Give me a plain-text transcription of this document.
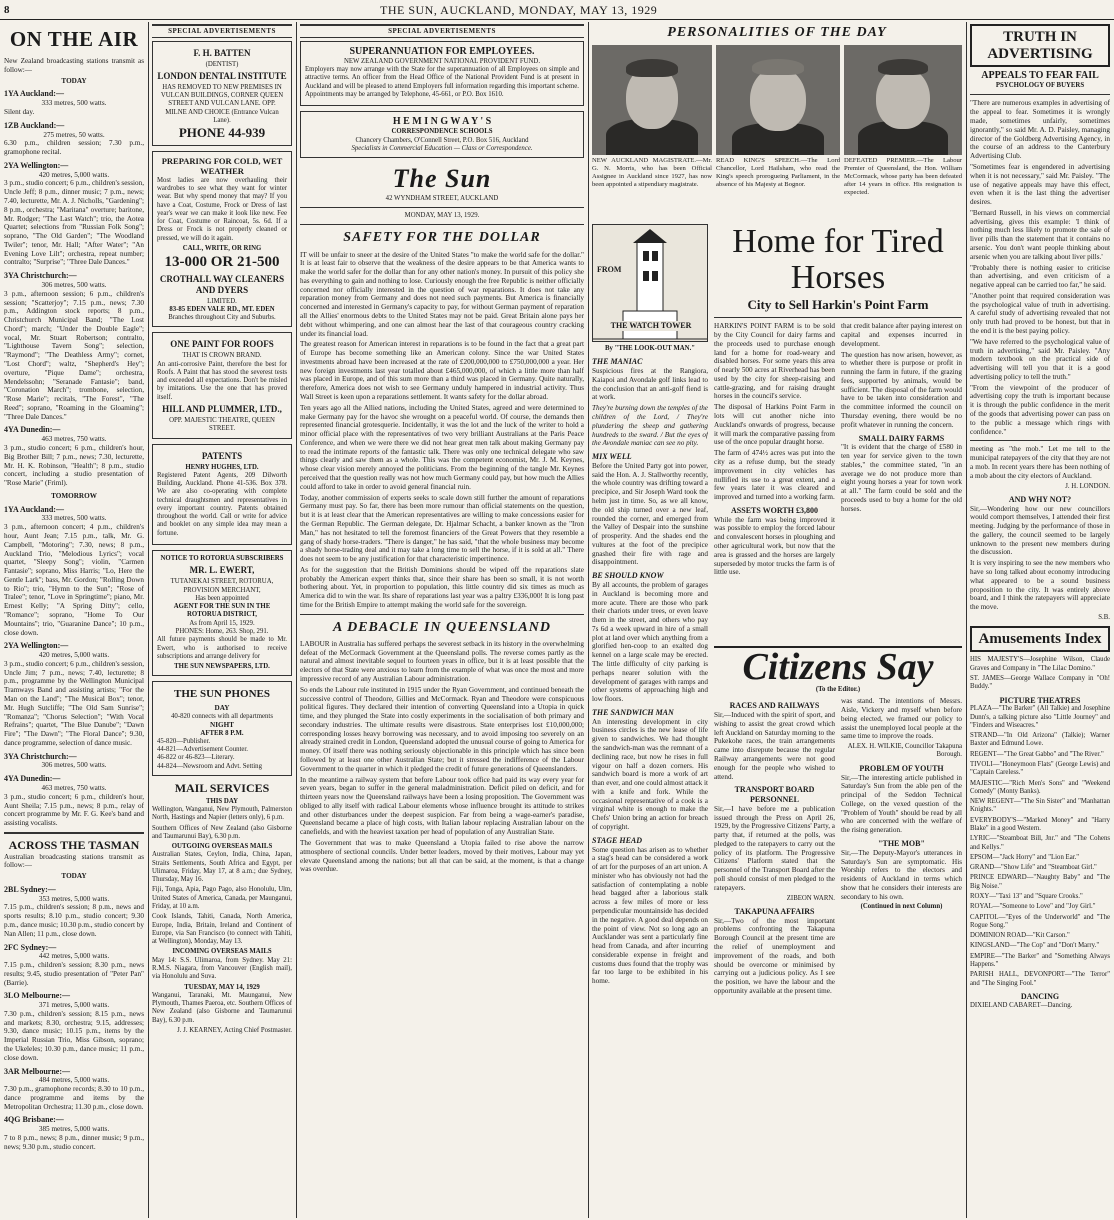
8	THE SUN, AUCKLAND, MONDAY, MAY 13, 1929
ON THE AIR
New Zealand broadcasting stations transmit as follow:—
TODAY
1YA Auckland:—
333 metres, 500 watts.
Silent day.
1ZB Auckland:—
275 metres, 50 watts.
6.30 p.m., children session; 7.30 p.m., gramophone recital.
2YA Wellington:—
420 metres, 5,000 watts.
3 p.m., studio concert; 6 p.m., children's session, Uncle Jeff; 8 p.m., dinner music; 7 p.m., news; 7.40, lecturette, Mr. A. J. Nicholls, "Gardening"; 8 p.m., orchestra; "Maritana" overture; baritone, Mr. Rodger; "The Last Watch"; trio, the Aotea Quartet; selections from "Russian Folk Song"; soprano, "The Old Garden"; "The Woodland Twiler"; tenor, Mr. Hall; "After Water"; "An Evening Love Lilt"; orchestra, repeat number; contralto; "Surprise"; "Three Dale Dances."
3YA Christchurch:—
306 metres, 500 watts.
3 p.m., afternoon session; 6 p.m., children's session; "Scatterjoy"; 7.15 p.m., news; 7.30 p.m., Addington stock reports; 8 p.m., Christchurch Municipal Band; "The Lost Chord"; march; "Under the Double Eagle"; vocal, Mr. Stuart Robertson; contralto, "Lighthouse Tavern Song"; selection, "Raymond"; "The Deathless Army"; cornet, "Lost Chord"; waltz, "Shepherd's Hey"; overture, "Pique Dame"; orchestra, Mendelssohn; "Seranade Fantasie"; band, "Coronation March"; trombone, selection, "Rose Marie"; recitals, "The Forest", "The Reed"; soprano, "Roaming in the Gloaming"; "Three Dale Dances."
4YA Dunedin:—
463 metres, 750 watts.
3 p.m., studio concert; 6 p.m., children's hour, Big Brother Bill; 7 p.m., news; 7.30, lecturette, Mr. H. K. Robinson, "Health"; 8 p.m., studio concert, including a studio presentation of "Rose Marie" (Friml).
TOMORROW
1YA Auckland:—
333 metres, 500 watts.
3 p.m., afternoon concert; 4 p.m., children's hour, Aunt Jean; 7.15 p.m., talk, Mr. G. Campbell, "Motoring"; 7.30, news; 8 p.m., Auckland Trio, "Melodious Lyrics"; vocal quartet, "Sleepy Song"; violin, "Carmen Fantasie"; soprano, Miss Harris; "Lo, Here the Gentle Lark"; bass, Mr. Gordon; "Rolling Down to Rio"; trio, "Hymn to the Sun"; "Rose of Tralee"; tenor, "Love in Springtime"; piano, Mr. Ernest Kelly; "A Spring Ditty"; cello, "Romance"; soprano, "Home To Our Mountains"; trio, "Guaranine Dance"; 10 p.m., close down.
2YA Wellington:—
420 metres, 5,000 watts.
3 p.m., studio concert; 6 p.m., children's session, Uncle Jim; 7 p.m., news; 7.40, lecturette; 8 p.m., programme by the Wellington Municipal Tramways Band and assisting artists; "For the Man on the Land"; "The Musical Box"; tenor, Mr. Hugh Sutcliffe; "The Old Sam Sunrise"; "Romanza"; "Chorus Selection"; "With Vocal Refrains"; quartet, "The Blue Danube"; "Dawn Fire"; "The Dawn"; "The Floral Dance"; 9.30, dance programme, selection of dance music.
3YA Christchurch:—
306 metres, 500 watts.
4YA Dunedin:—
463 metres, 750 watts.
3 p.m., studio concert; 6 p.m., children's hour, Aunt Sheila; 7.15 p.m., news; 8 p.m., relay of concert programme by Mr. F. G. Kee's band and assisting vocalists.
ACROSS THE TASMAN
Australian broadcasting stations transmit as follow:—
TODAY
2BL Sydney:—
353 metres, 5,000 watts.
7.15 p.m., children's session; 8 p.m., news and sports results; 8.10 p.m., studio concert; 9.30 p.m., dance music; 10.30 p.m., studio concert by Nan Allen; 11 p.m., close down.
2FC Sydney:—
442 metres, 5,000 watts.
7.15 p.m., children's session; 8.30 p.m., news results; 9.45, studio presentation of "Peter Pan" (Barrie).
3LO Melbourne:—
371 metres, 5,000 watts.
7.30 p.m., children's session; 8.15 p.m., news and markets; 8.30, orchestra; 9.15, addresses; 9.30, dance music; 10.15 p.m., items by the Imperial Russian Trio, Miss Gibson, soprano; the Ukeleles; 10.30 p.m., dance music; 11 p.m., close down.
3AR Melbourne:—
484 metres, 5,000 watts.
7.30 p.m., gramophone records; 8.30 to 10 p.m., dance programme and items by the Metropolitan Orchestra; 11.30 p.m., close down.
4QG Brisbane:—
385 metres, 5,000 watts.
7 to 8 p.m., news; 8 p.m., dinner music; 9 p.m., news; 9.30 p.m., studio concert.
SPECIAL ADVERTISEMENTS
F. H. BATTEN
(DENTIST)
LONDON DENTAL INSTITUTE
HAS REMOVED TO NEW PREMISES IN VULCAN BUILDINGS, CORNER QUEEN STREET AND VULCAN LANE. OPP. MILNE AND CHOICE (Entrance Vulcan Lane).
PHONE 44-939
PREPARING FOR COLD, WET WEATHER
Most ladies are now overhauling their wardrobes to see what they want for winter wear. But why spend money that may? If you have a Coat, Costume, Frock or Dress of last year's wear we can make it look like new. Fee for Coat, Costume or Raincoat, 5s. 6d. If a Dress or Frock is not properly cleaned or pressed, we will do it again.
CALL, WRITE, OR RING
13-000 OR 21-500
CROTHALL WAY CLEANERS AND DYERS
LIMITED.
83-85 EDEN VALE RD., MT. EDEN
Branches throughout City and Suburbs.
ONE PAINT FOR ROOFS
THAT IS CROWN BRAND.
An anti-corrosive Paint, therefore the best for Roofs. A Paint that has stood the severest tests and exceeded all expectations. Don't be misled by imitations. Use the one that has proved itself.
HILL AND PLUMMER, LTD.,
OPP. MAJESTIC THEATRE, QUEEN STREET.
PATENTS
HENRY HUGHES, LTD.
Registered Patent Agents, 209 Dilworth Building, Auckland. Phone 41-536. Box 378. We are also co-operating with complete technical draughtsmen and representatives in every important country. Patents obtained throughout the world. Call or write for advice and booklet on any simple idea may mean a fortune.
NOTICE TO ROTORUA SUBSCRIBERS
MR. L. EWERT,
TUTANEKAI STREET, ROTORUA, PROVISION MERCHANT,
Has been appointed
AGENT FOR THE SUN IN THE ROTORUA DISTRICT,
As from April 15, 1929.
PHONES: Home, 263. Shop, 291.
All future payments should be made to Mr. Ewert, who is authorised to receive subscriptions and arrange delivery for
THE SUN NEWSPAPERS, LTD.
THE SUN PHONES
DAY
40-820 connects with all departments
NIGHT
AFTER 8 P.M.
45-820—Publisher.
44-821—Advertisement Counter.
46-822 or 46-823—Literary.
44-824—Newsroom and Advt. Setting
MAIL SERVICES
THIS DAY
Wellington, Wanganui, New Plymouth, Palmerston North, Hastings and Napier (letters only), 6 p.m.
Southern Offices of New Zealand (also Gisborne and Taumarunui Bay), 6.30 p.m.
OUTGOING OVERSEAS MAILS
Australian States, Ceylon, India, China, Japan, Straits Settlements, South Africa and Egypt, per Ulimaroa, Friday, May 17, at 8 a.m.; due Sydney, Thursday, May 16.
Fiji, Tonga, Apia, Pago Pago, also Honolulu, Ulm, United States of America, Canada, per Maunganui, Friday, at 10 a.m.
Cook Islands, Tahiti, Canada, North America, Europe, India, Britain, Ireland and Continent of Europe, via San Francisco (to connect with Tahiti, at Wellington), Monday, May 13.
INCOMING OVERSEAS MAILS
May 14: S.S. Ulimaroa, from Sydney. May 21: R.M.S. Niagara, from Vancouver (English mail), via Honolulu and Suva.
TUESDAY, MAY 14, 1929
Wanganui, Taranaki, Mt. Maunganui, New Plymouth, Thames Paeroa, etc. Southern Offices of New Zealand (also Gisborne and Taumarunui Bay), 6.30 p.m.
J. J. KEARNEY, Acting Chief Postmaster.
SPECIAL ADVERTISEMENTS
SUPERANNUATION FOR EMPLOYEES.
NEW ZEALAND GOVERNMENT NATIONAL PROVIDENT FUND.
Employers may now arrange with the State for the superannuation of all Employees on simple and attractive terms. An officer from the Head Office of the National Provident Fund is at present in Auckland and will be pleased to attend Employers full information regarding this important scheme. Appointments may be arranged by Telephone, 45-661, or P.O. Box 1610.
H E M I N G W A Y ' S
CORRESPONDENCE SCHOOLS
Chancery Chambers, O'Connell Street, P.O. Box 516, Auckland
Specialists in Commercial Education — Class or Correspondence.
The Sun
42 WYNDHAM STREET, AUCKLAND
MONDAY, MAY 13, 1929.
SAFETY FOR THE DOLLAR
IT will be unfair to sneer at the desire of the United States "to make the world safe for the dollar." It is at least fair to observe that the weakness of the desire appears to be that America wants to make the world safer for the dollar than for any other nation's money. In pursuit of this policy she has everything to gain and nothing to lose. Curiously enough the free Republic is neither officially concerned nor officially interested in the question of war reparations. It does not take any reparation money from Germany and does not need such payments. But America is financially concerned and interested in Germany's capacity to pay, for without German payment of reparation all the Allies' enormous debts to the United States may not be paid. Great Britain alone pays her debt without whimpering, and one can almost hear the last of that courageous country cracking under its financial load.
The greatest reason for American interest in reparations is to be found in the fact that a great part of Europe has become something like an American colony. Since the war United States investments abroad have been increased at the rate of £200,000,000 to £750,000,000 a year. Her new foreign investments last year totalled about £465,000,000, of which a little more than half was placed in Europe, and of this sum more than a third was placed in Germany. Quite naturally, therefore, America does not wish to see Germany unduly hampered in industrial activity. Thus Wall Street is keen upon a reparations settlement. It wants safety for the dollar abroad.
Ten years ago all the Allied nations, including the United States, agreed and were determined to make Germany pay for the havoc she wrought on a peaceful world. Of course, the demands then represented financial grotesquerie. Incidentally, it was the lot and the luck of the writer to hold a minor official place with the representatives of two very brilliant Australians at the Paris Peace Conference, and when we were there we did not hear great men talk about making Germany pay to read the intimate reports of the fantastic talk. There was only one technical delegate who saw things clearly and saw them as a whole. This was the competent economist, Mr. J. M. Keynes, whose clear vision merely annoyed the politicians. From the beginning of the tangle Mr. Keynes perceived that the question really was not how much Germany could pay, but how much the Allies could afford to take in order to avoid general financial ruin.
Today, another commission of experts seeks to scale down still further the amount of reparations Germany must pay. So far, there has been more rumour than official statements on the question, but it is at least clear that the American representatives are willing to make concessions easier for the German Republic. The German delegate, Dr. Hjalmar Schacht, a banker known as the "Iron Man," has not hesitated to tell the foremost financiers of the Great Powers that they resemble a gang of shady horse-traders. "There is danger," he has said, "that the whole business may become a shady horse-trading deal and it may take a long time to sell the horse, if it is sold at all." There does not seem to be any justification for that characteristic impertinence.
As for the suggestion that the British Dominions should be wiped off the reparations slate probably the American expert thinks that, since their share has been so small, it is not worth bothering about. Yet, in proportion to population, this little country did six times as much as America did to win the war. Its share of reparations last year was a paltry £336,000! It is long past time for the British Empire to attempt making the world safe for the sovereign.
A DEBACLE IN QUEENSLAND
LABOUR in Australia has suffered perhaps the severest setback in its history in the overwhelming defeat of the McCormack Government at the Queensland polls. The reverse comes partly as the natural and almost inevitable sequel to fourteen years in office, but it is at least possible that the electors of that State were anxious to learn from the example of what was once the most and more impressive record of any Australian Labour administration.
So ends the Labour rule instituted in 1915 under the Ryan Government, and continued beneath the successive control of Theodore, Gillies and McCormack. Ryan and Theodore were conspicuous political figures. They declared their intention of converting Queensland into a Utopia in quick time, and they plunged the State into costly experiments in the socialisation of both primary and secondary industries. The ultimate results were disastrous. State enterprises lost £10,000,000; corresponding losses heavy borrowing was necessary, and to avoid imposing too severely on an already strained credit in London, Queensland adopted the unusual course of going to America for money. Of itself there was nothing seriously objectionable in this principle which has since been followed by at least one other Australian State; but it stressed the indifference of the Labour Government to the quarter in which it pledged the credit of future generations of Queenslanders.
In the meantime a railway system that before Labour took office had paid its way every year for seven years, began to suffer in the general maladministration. Deficit piled on deficit, and for thirteen years now the Queensland railways have been a losing proposition. The Government was obliged to ally itself with radical Labour elements whose influence brought its attitude to strikes and other disturbances under the deepest suspicion. Far from being a wage-earner's paradise, Queensland became a place of high costs, with Italian labour replacing Australian labour on the canefields, and with the heaviest taxation per head of population of any Australian State.
The Government that was to make Queensland a Utopia failed to rise above the narrow atmosphere of sectional councils. Under better leaders, moved by their motives, Labour may yet elevate Queensland among the nations; but all that can be said, at the moment, is that a change was overdue.
PERSONALITIES OF THE DAY
NEW AUCKLAND MAGISTRATE.—Mr. G. N. Morris, who has been Official Assignee in Auckland since 1927, has now been appointed a stipendiary magistrate.
READ KING'S SPEECH.—The Lord Chancellor, Lord Hailsham, who read the King's speech prorogueing Parliament, in the absence of his Majesty at Bognor.
DEFEATED PREMIER.—The Labour Premier of Queensland, the Hon. William McCormack, whose party has been defeated after 14 years in office. His resignation is expected.
FROM
THE WATCH TOWER
By "THE LOOK-OUT MAN."
THE MANIAC
Suspicious fires at the Rangiora, Kaiapoi and Avondale golf links lead to the conclusion that an anti-golf fiend is at work.
They're burning down the temples of the children of the Lord, / They're plundering the sheep and gathering hundreds to the sward. / But the eyes of the Avondale maniac can see no pity.
MIX WELL
Before the United Party got into power, said the Hon. A. J. Stallworthy recently, the whole country was drifting toward a precipice, and Sir Joseph Ward took the helm just in time. So, as we all know, the old ship turned over a new leaf, rounded the corner, and emerged from the Valley of Despair into the sunshine of prosperity. And the shades end the vultures at the foot of the precipice gnashed their fire with rage and disappointment.
BE SHOULD KNOW
By all accounts, the problem of garages in Auckland is becoming more and more acute. There are those who park their chariots under trees, or even leave them in the street, and others who pay 7s 6d a week upward in hire of a small plot at land over which anything from a glorified hen-coop to an exalted dog kennel on a large scale may be erected. The little difficulty of city parking is perhaps nearer solution with the development of garages with ramps and other systems of approaching high and low floors.
THE SANDWICH MAN
An interesting development in city business circles is the new lease of life given to sandwiches. We had thought the sandwich-man was the remnant of a declining race, but now he rises in full vigour on half a dozen corners. His sandwich board is more a work of art than ever, and one could almost attack it with a knife and fork. While the occasional representative of a cook is a virginal white is enough to make the Chefs' Union bring an action for breach of copyright.
STAGE HEAD
Some question has arisen as to whether a stag's head can be considered a work of art for the purposes of an art union. A minister who has obviously not had the satisfaction of contemplating a noble head bagged after a laborious stalk across a few miles of more or less perpendicular mountainside has decided in the negative. A good deal depends on the point of view. Not so long ago an Aucklander was sent a particularly fine head from Canada, and after incurring considerable expense in freight and customs dues found that the trophy was far too large to be exhibited in his home.
Home for Tired Horses
City to Sell Harkin's Point Farm
HARKIN'S POINT FARM is to be sold by the City Council for dairy farms and the proceeds used to purchase enough land for a home for road-weary and disabled horses. For some years this area of nearly 500 acres at Riverhead has been used by the city for sheep-raising and cattle-grazing, and for raising draught horses in the council's service.
The disposal of Harkins Point Farm in lots will cut another niche into Auckland's onwards of progress, because it will mark the comparative passing from use of the once popular draught horse.
The farm of 474½ acres was put into the city as a refuse dump, but the steady improvement in city vehicles has nullified its use to a great extent, and a few years later it was cleared and improved and turned into a working farm.
ASSETS WORTH £3,800
While the farm was being improved it was possible to employ the forced labour and convalescent horses in ploughing and other agricultural work, but now that the area is grassed and the horses are largely superseded by motor trucks the farm is of little use.
that credit balance after paying interest on capital and expenses incurred in development.
The question has now arisen, however, as to whether there is purpose or profit in running the farm in future, if the grazing fees, supported by animals, would be sufficient. The disposal of the farm would have to be taken into consideration and the committee informed the council on Thursday evening, there would be no profit whatever in running the concern.
SMALL DAIRY FARMS
"It is evident that the charge of £580 in ten year for service given to the town stables," the committee stated, "in an average we do not produce more than eight young horses a year for town work at all." The farm could be sold and the proceeds used to buy a home for the old horses.
Citizens Say
(To the Editor.)
RACES AND RAILWAYS
Sir,—Induced with the spirit of sport, and wishing to assist the great crowd which left Auckland on Saturday morning to the Pukekohe races, the train arrangements came into disrepute because the regular Railway arrangements were not good enough for the people who wished to attend.
TRANSPORT BOARD PERSONNEL
Sir,—I have before me a publication issued through the Press on April 26, 1929, by the Progressive Citizens' Party, a party that, if returned at the polls, was pledged to the ratepayers to carry out the policy of its platform. The Progressive Citizens' Platform stated that the personnel of the Transport Board after the poll should consist of men pledged to the ratepayers.
ZIBEON WARN.
TAKAPUNA AFFAIRS
Sir,—Two of the most important problems confronting the Takapuna Borough Council at the present time are the relief of unemployment and improvement of the roads, and both should be overcome or minimised by carrying out a judicious policy. As I see the position, we have the labour and the opportunity available at the present time.
was stand. The intentions of Messrs. Aisle, Vickery and myself when before being elected, we framed our policy to assist the unemployed local people at the same time to improve the roads.
ALEX. H. WILKIE, Councillor Takapuna Borough.
PROBLEM OF YOUTH
Sir,—The interesting article published in Saturday's Sun from the able pen of the principal of the Seddon Technical College, on the vexed question of the "Problem of Youth" should be read by all who are concerned with the welfare of the rising generation.
"THE MOB"
Sir,—The Deputy-Mayor's utterances in Saturday's Sun are symptomatic. His Worship refers to the electors and residents of Auckland in terms which show that he considers their interests are secondary to his own.
(Continued in next Column)
TRUTH IN ADVERTISING
APPEALS TO FEAR FAIL
PSYCHOLOGY OF BUYERS
"There are numerous examples in advertising of the appeal to fear. Sometimes it is wrongly made, sometimes unfairly, sometimes ignorantly," so said Mr. A. D. Paisley, managing director of the Goldberg Advertising Agency, in the course of an address to the Canterbury Advertising Club.
"Sometimes fear is engendered in advertising when it is not necessary," said Mr. Paisley. "The use of negative appeals may have this effect, even when it is the last thing the advertiser desires.
"Bernard Russell, in his views on commercial advertising, gives this example: 'I think of nothing much less likely to promote the sale of liver pills than the statement that it contains no arsenic. You don't want people thinking about arsenic when you are talking about liver pills.'
"Probably there is nothing easier to criticise than advertising, and even criticism of a negative appeal can be carried too far," he said.
"Another point that required consideration was the psychological value of truth in advertising. A careful study of advertising revealed that not only truth had proved to be honest, but that in the end it is the best paying policy.
"We have referred to the psychological value of truth in advertising," said Mr. Paisley. "Any modern textbook on the practical side of advertising will tell you that it is a good advertising policy to tell the truth."
"From the viewpoint of the producer of advertising copy the truth is important because it is through the public confidence in the merit of the goods that advertising power can pass on to the public a message which rings with confidence."
meeting as "the mob." Let me tell to the municipal ratepayers of the city that they are not a mob. In recent years there has been nothing of a mob about the city electors of Auckland.
J. H. LONDON.
AND WHY NOT?
Sir,—Wondering how our new councillors would comport themselves, I attended their first meeting. Judging by the performance of those in the gallery, the council seemed to be largely unknown to the present new members during the discussion.
It is very inspiring to see the new members who have so long talked about economy introducing what appeared to be a sound business proposition to the city. It was entirely above board, and I think the ratepayers will appreciate the move.
S.B.
Amusements Index
HIS MAJESTY'S—Josephine Wilson, Claude Graves and Company in "The Lilac Domino."
ST. JAMES—George Wallace Company in "Oh! Buddy."
PICTURE THEATRES
PLAZA—"The Barker" (All Talkie) and Josephine Dunn's, a talking picture also "Little Journey" and "Finders and Wiseacres."
STRAND—"In Old Arizona" (Talkie); Warner Baxter and Edmund Lowe.
REGENT—"The Great Gabbo" and "The River."
TIVOLI—"Honeymoon Flats" (George Lewis) and "Captain Careless."
MAJESTIC—"Rich Men's Sons" and "Weekend Comedy" (Monty Banks).
NEW REGENT—"The Sin Sister" and "Manhattan Knights."
EVERYBODY'S—"Marked Money" and "Harry Blake" in a good Western.
LYRIC—"Steamboat Bill, Jnr." and "The Cohens and Kellys."
EPSOM—"Jack Horry" and "Lion Ear."
GRAND—"Show Life" and "Steamboat Girl."
PRINCE EDWARD—"Naughty Baby" and "The Big Noise."
ROXY—"Taxi 13" and "Square Crooks."
ROYAL—"Someone to Love" and "Joy Girl."
CAPITOL—"Eyes of the Underworld" and "The Rogue Song."
DOMINION ROAD—"Kit Carson."
KINGSLAND—"The Cop" and "Don't Marry."
EMPIRE—"The Barker" and "Something Always Happens."
PARISH HALL, DEVONPORT—"The Terror" and "The Singing Fool."
DANCING
DIXIELAND CABARET—Dancing.
